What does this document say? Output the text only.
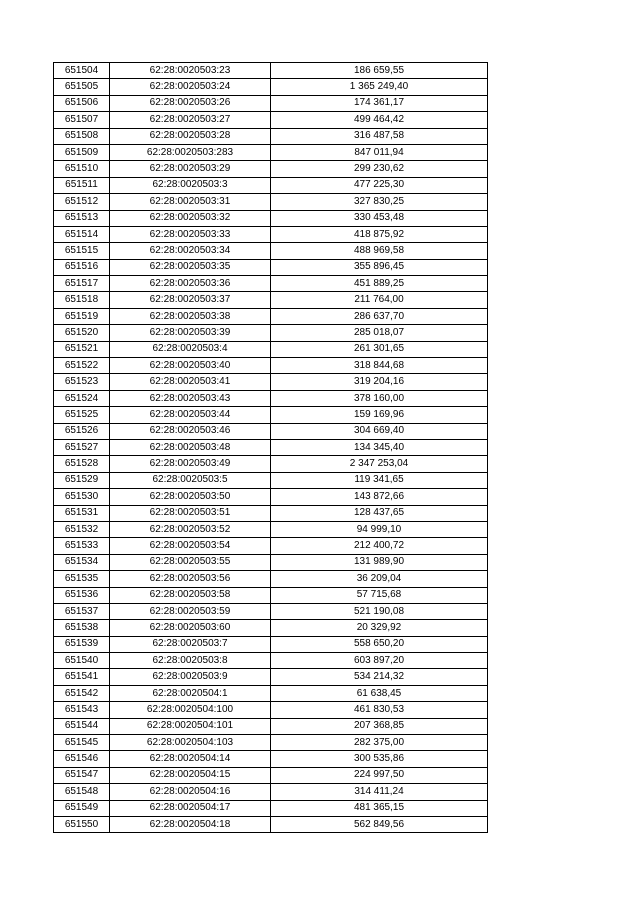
651504	62:28:0020503:23	186 659,55
651505	62:28:0020503:24	1 365 249,40
651506	62:28:0020503:26	174 361,17
651507	62:28:0020503:27	499 464,42
651508	62:28:0020503:28	316 487,58
651509	62:28:0020503:283	847 011,94
651510	62:28:0020503:29	299 230,62
651511	62:28:0020503:3	477 225,30
651512	62:28:0020503:31	327 830,25
651513	62:28:0020503:32	330 453,48
651514	62:28:0020503:33	418 875,92
651515	62:28:0020503:34	488 969,58
651516	62:28:0020503:35	355 896,45
651517	62:28:0020503:36	451 889,25
651518	62:28:0020503:37	211 764,00
651519	62:28:0020503:38	286 637,70
651520	62:28:0020503:39	285 018,07
651521	62:28:0020503:4	261 301,65
651522	62:28:0020503:40	318 844,68
651523	62:28:0020503:41	319 204,16
651524	62:28:0020503:43	378 160,00
651525	62:28:0020503:44	159 169,96
651526	62:28:0020503:46	304 669,40
651527	62:28:0020503:48	134 345,40
651528	62:28:0020503:49	2 347 253,04
651529	62:28:0020503:5	119 341,65
651530	62:28:0020503:50	143 872,66
651531	62:28:0020503:51	128 437,65
651532	62:28:0020503:52	94 999,10
651533	62:28:0020503:54	212 400,72
651534	62:28:0020503:55	131 989,90
651535	62:28:0020503:56	36 209,04
651536	62:28:0020503:58	57 715,68
651537	62:28:0020503:59	521 190,08
651538	62:28:0020503:60	20 329,92
651539	62:28:0020503:7	558 650,20
651540	62:28:0020503:8	603 897,20
651541	62:28:0020503:9	534 214,32
651542	62:28:0020504:1	61 638,45
651543	62:28:0020504:100	461 830,53
651544	62:28:0020504:101	207 368,85
651545	62:28:0020504:103	282 375,00
651546	62:28:0020504:14	300 535,86
651547	62:28:0020504:15	224 997,50
651548	62:28:0020504:16	314 411,24
651549	62:28:0020504:17	481 365,15
651550	62:28:0020504:18	562 849,56
